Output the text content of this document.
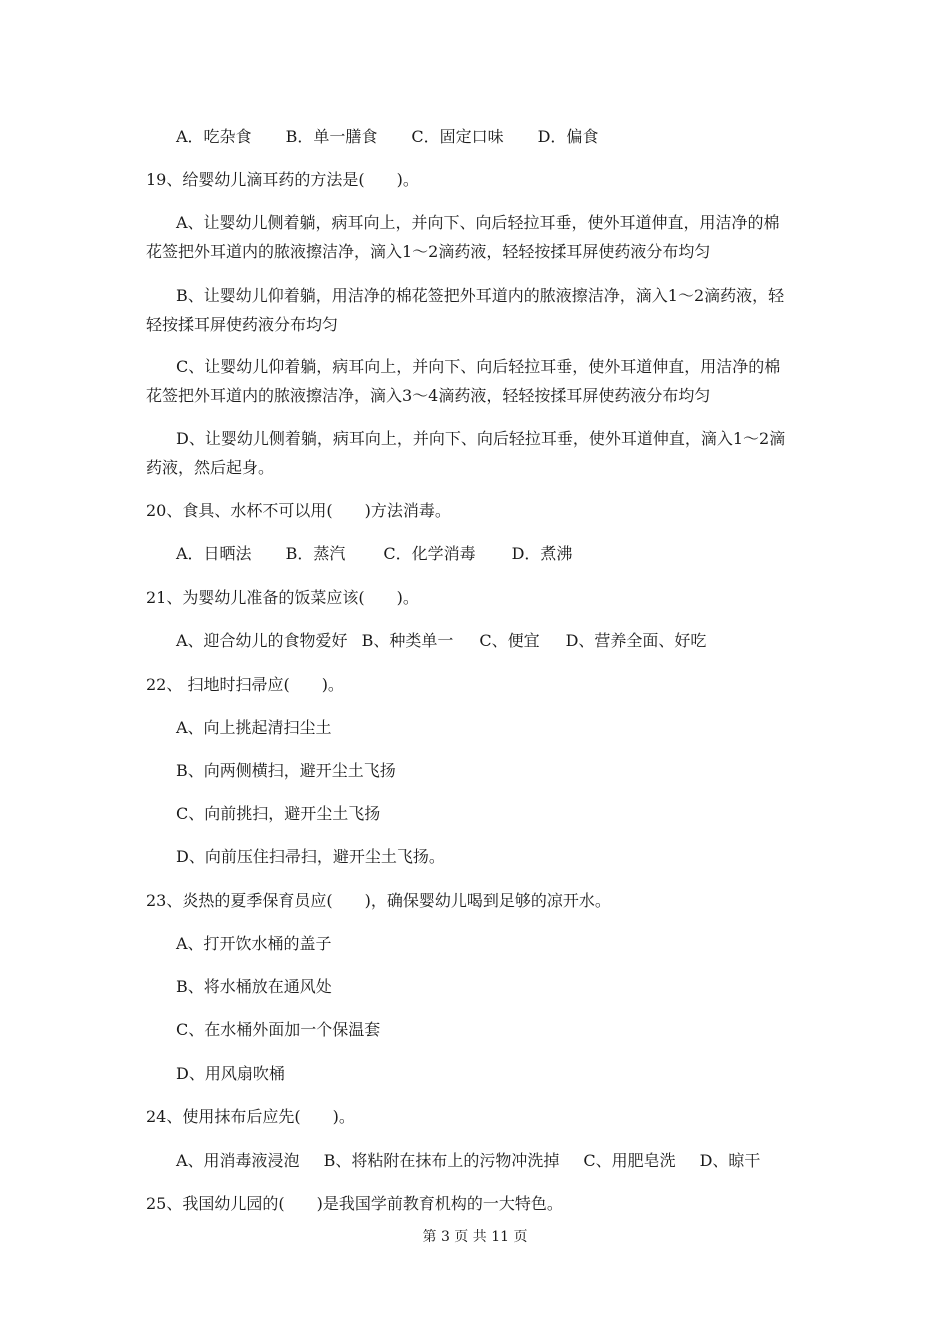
A．吃杂食 B．单一膳食 C．固定口味 D．偏食
19、给婴幼儿滴耳药的方法是(　　)。
A、让婴幼儿侧着躺，病耳向上，并向下、向后轻拉耳垂，使外耳道伸直，用洁净的棉
花签把外耳道内的脓液擦洁净，滴入1～2滴药液，轻轻按揉耳屏使药液分布均匀
B、让婴幼儿仰着躺，用洁净的棉花签把外耳道内的脓液擦洁净，滴入1～2滴药液，轻
轻按揉耳屏使药液分布均匀
C、让婴幼儿仰着躺，病耳向上，并向下、向后轻拉耳垂，使外耳道伸直，用洁净的棉
花签把外耳道内的脓液擦洁净，滴入3～4滴药液，轻轻按揉耳屏使药液分布均匀
D、让婴幼儿侧着躺，病耳向上，并向下、向后轻拉耳垂，使外耳道伸直，滴入1～2滴
药液，然后起身。
20、食具、水杯不可以用(　　)方法消毒。
A．日晒法 B．蒸汽 C．化学消毒 D．煮沸
21、为婴幼儿准备的饭菜应该(　　)。
A、迎合幼儿的食物爱好 B、种类单一 C、便宜 D、营养全面、好吃
22、 扫地时扫帚应(　　)。
A、向上挑起清扫尘土
B、向两侧横扫，避开尘土飞扬
C、向前挑扫，避开尘土飞扬
D、向前压住扫帚扫，避开尘土飞扬。
23、炎热的夏季保育员应(　　)，确保婴幼儿喝到足够的凉开水。
A、打开饮水桶的盖子
B、将水桶放在通风处
C、在水桶外面加一个保温套
D、用风扇吹桶
24、使用抹布后应先(　　)。
A、用消毒液浸泡 B、将粘附在抹布上的污物冲洗掉 C、用肥皂洗 D、晾干
25、我国幼儿园的(　　)是我国学前教育机构的一大特色。
第 3 页 共 11 页
